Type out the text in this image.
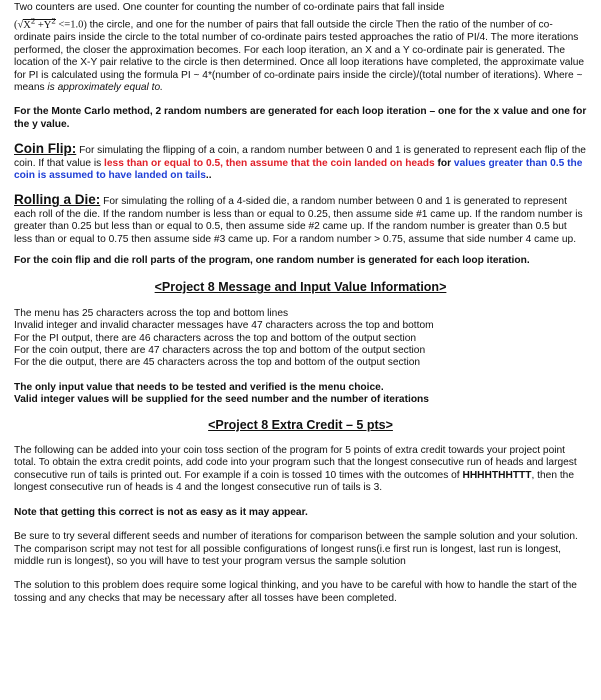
Two counters are used. One counter for counting the number of co-ordinate pairs that fall inside
$(√X^2 +Y^2 <=1.0)$ the circle, and one for the number of pairs that fall outside the circle Then the ratio of the number of co-ordinate pairs inside the circle to the total number of co-ordinate pairs tested approaches the ratio of PI/4. The more iterations performed, the closer the approximation becomes. For each loop iteration, an X and a Y co-ordinate pair is generated. The location of the X-Y pair relative to the circle is then determined. Once all loop iterations have completed, the approximate value for PI is calculated using the formula PI ~ 4*(number of co-ordinate pairs inside the circle)/(total number of iterations). Where ~ means is approximately equal to.

For the Monte Carlo method, 2 random numbers are generated for each loop iteration – one for the x value and one for the y value.

Coin Flip: For simulating the flipping of a coin, a random number between 0 and 1 is generated to represent each flip of the coin. If that value is less than or equal to 0.5, then assume that the coin landed on heads for values greater than 0.5 the coin is assumed to have landed on tails..

Rolling a Die: For simulating the rolling of a 4-sided die, a random number between 0 and 1 is generated to represent each roll of the die. If the random number is less than or equal to 0.25, then assume side #1 came up. If the random number is greater than 0.25 but less than or equal to 0.5, then assume side #2 came up. If the random number is greater than 0.5 but less than or equal to 0.75 then assume side #3 came up. For a random number > 0.75, assume that side number 4 came up.

For the coin flip and die roll parts of the program, one random number is generated for each loop iteration.

<Project 8 Message and Input Value Information>

The menu has 25 characters across the top and bottom lines

Invalid integer and invalid character messages have 47 characters across the top and bottom

For the PI output, there are 46 characters across the top and bottom of the output section

For the coin output, there are 47 characters across the top and bottom of the output section

For the die output, there are 45 characters across the top and bottom of the output section

The only input value that needs to be tested and verified is the menu choice.

Valid integer values will be supplied for the seed number and the number of iterations

<Project 8 Extra Credit – 5 pts>

The following can be added into your coin toss section of the program for 5 points of extra credit towards your project point total. To obtain the extra credit points, add code into your program such that the longest consecutive run of heads and largest consecutive run of tails is printed out. For example if a coin is tossed 10 times with the outcomes of HHHHTHHTTT, then the longest consecutive run of heads is 4 and the longest consecutive run of tails is 3.

Note that getting this correct is not as easy as it may appear.

Be sure to try several different seeds and number of iterations for comparison between the sample solution and your solution. The comparison script may not test for all possible configurations of longest runs(i.e first run is longest, last run is longest, middle run is longest), so you will have to test your program versus the sample solution

The solution to this problem does require some logical thinking, and you have to be careful with how to handle the start of the tossing and any checks that may be necessary after all tosses have been completed.
